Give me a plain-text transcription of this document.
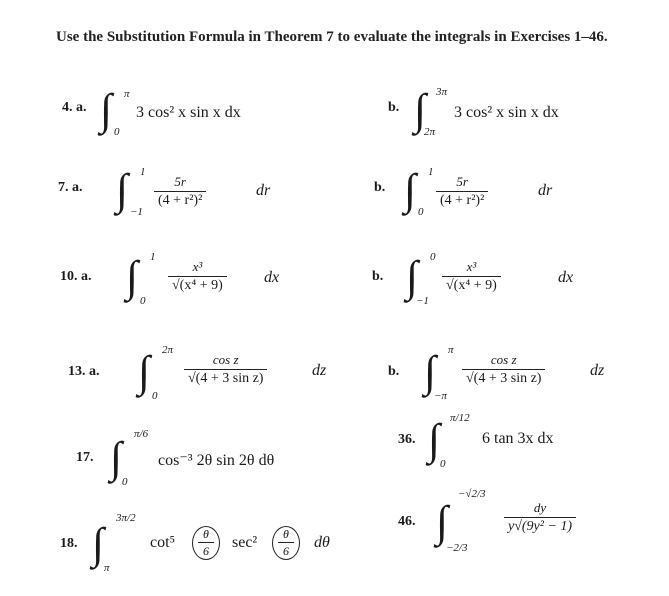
Use the Substitution Formula in Theorem 7 to evaluate the integrals in Exercises 1–46.
4. a. ∫ π
0
3 cos² x sin x dx	b. ∫ 3π
2π
3 cos² x sin x dx
7. a. ∫ 1
−1
5r
(4 + r²)²
dr	b. ∫ 1
0
5r
(4 + r²)²
dr
10. a. ∫ 1
0
x³
√(x⁴ + 9)	dx	b. ∫ 0
−1
x³
√(x⁴ + 9)	dx
13. a. ∫ 2π
0
cos z
√(4 + 3 sin z)	dz	b. ∫ π
−π
cos z
√(4 + 3 sin z)	dz
17. ∫ π/6
0
cos⁻³ 2θ sin 2θ dθ
36. ∫ π/12
0
6 tan 3x dx
18. ∫
3π/2
π
cot⁵	θ
6	sec²	θ
6	dθ
46. ∫
−√2/3
−2/3
dy
y√(9y² − 1)
